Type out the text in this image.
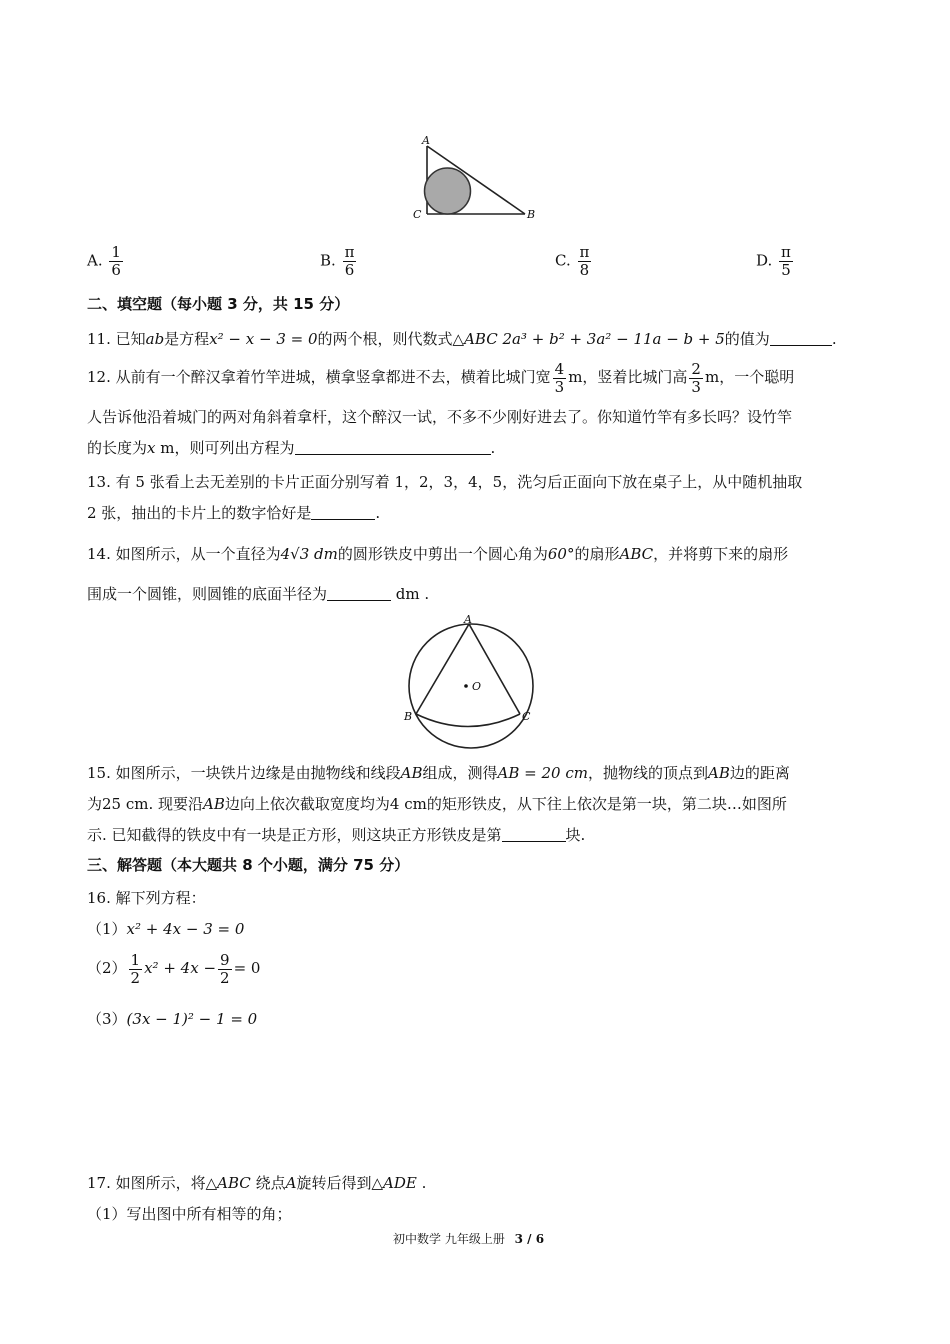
A
C	B
A. $\frac{1}{6}$	B. $\frac{\pi}{6}$	C. $\frac{\pi}{8}$	D. $\frac{\pi}{5}$
二、填空题（每小题 3 分，共 15 分）
11. 已知ab是方程x² − x − 3 = 0的两个根，则代数式△ABC 2a³ + b² + 3a² − 11a − b + 5的值为	.
12. 从前有一个醉汉拿着竹竿进城，横拿竖拿都进不去，横着比城门宽 $\frac{4}{3}$ m，竖着比城门高 $\frac{2}{3}$ m，一个聪明
人告诉他沿着城门的两对角斜着拿杆，这个醉汉一试，不多不少刚好进去了。你知道竹竿有多长吗？设竹竿
的长度为x m，则可列出方程为	.
13. 有 5 张看上去无差别的卡片正面分别写着 1，2，3，4，5，洗匀后正面向下放在桌子上，从中随机抽取
2 张，抽出的卡片上的数字恰好是	.
14. 如图所示，从一个直径为4√3 dm的圆形铁皮中剪出一个圆心角为60°的扇形ABC，并将剪下来的扇形
围成一个圆锥，则圆锥的底面半径为	dm .
A
O
B	C
15. 如图所示，一块铁片边缘是由抛物线和线段AB组成，测得AB = 20 cm，抛物线的顶点到AB边的距离
为25 cm. 现要沿AB边向上依次截取宽度均为4 cm的矩形铁皮，从下往上依次是第一块，第二块…如图所
示. 已知截得的铁皮中有一块是正方形，则这块正方形铁皮是第	块.
三、解答题（本大题共 8 个小题，满分 75 分）
16. 解下列方程：
（1）x² + 4x − 3 = 0
$(2) \frac{1}{2} x^2 + 4x - \frac{9}{2} = 0$
（3）(3x − 1)² − 1 = 0
17. 如图所示，将△ABC 绕点A旋转后得到△ADE .
（1）写出图中所有相等的角；
初中数学 九年级上册 3 / 6
